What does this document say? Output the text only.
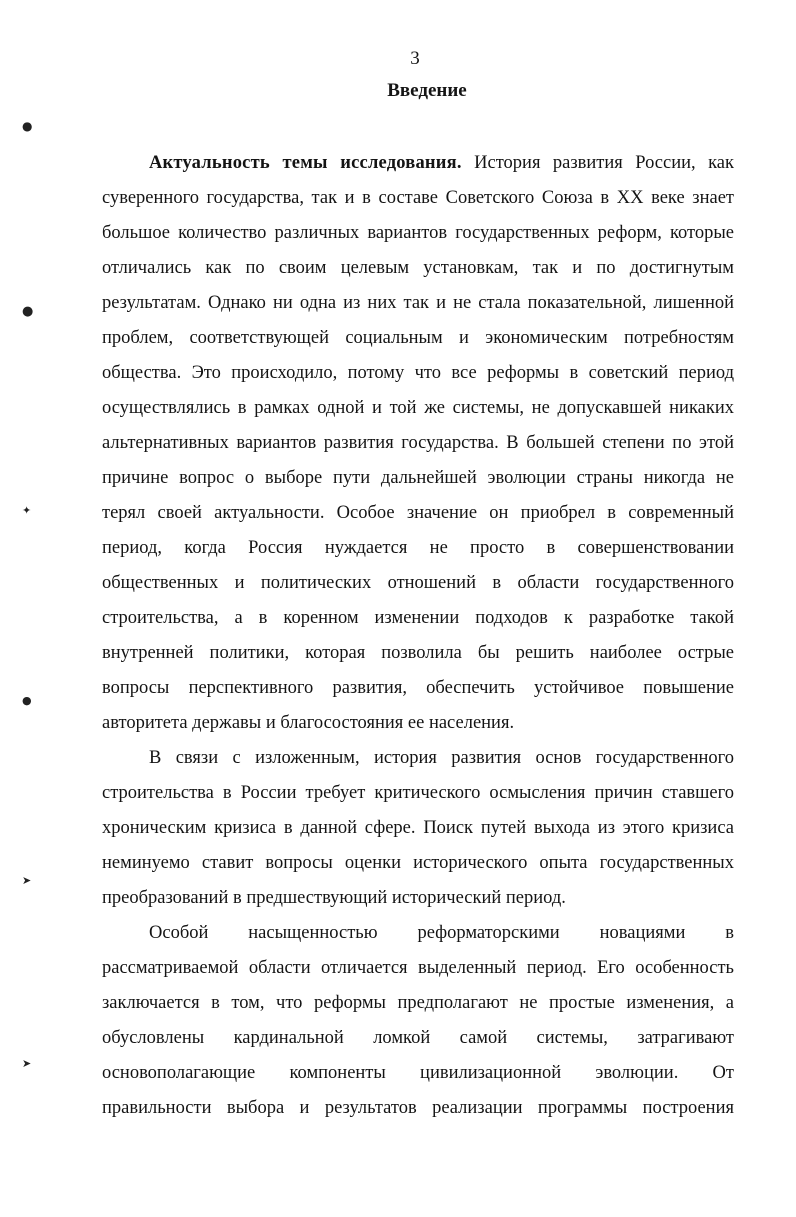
3
Введение
●
●
✦
●
➤
➤
Актуальность темы исследования. История развития России, как
суверенного государства, так и в составе Советского Союза в XX веке знает
большое количество различных вариантов государственных реформ, которые
отличались как по своим целевым установкам, так и по достигнутым
результатам. Однако ни одна из них так и не стала показательной, лишенной
проблем, соответствующей социальным и экономическим потребностям
общества. Это происходило, потому что все реформы в советский период
осуществлялись в рамках одной и той же системы, не допускавшей никаких
альтернативных вариантов развития государства. В большей степени по этой
причине вопрос о выборе пути дальнейшей эволюции страны никогда не
терял своей актуальности. Особое значение он приобрел в современный
период, когда Россия нуждается не просто в совершенствовании
общественных и политических отношений в области государственного
строительства, а в коренном изменении подходов к разработке такой
внутренней политики, которая позволила бы решить наиболее острые
вопросы перспективного развития, обеспечить устойчивое повышение
авторитета державы и благосостояния ее населения.
В связи с изложенным, история развития основ государственного
строительства в России требует критического осмысления причин ставшего
хроническим кризиса в данной сфере. Поиск путей выхода из этого кризиса
неминуемо ставит вопросы оценки исторического опыта государственных
преобразований в предшествующий исторический период.
Особой насыщенностью реформаторскими новациями в
рассматриваемой области отличается выделенный период. Его особенность
заключается в том, что реформы предполагают не простые изменения, а
обусловлены кардинальной ломкой самой системы, затрагивают
основополагающие компоненты цивилизационной эволюции. От
правильности выбора и результатов реализации программы построения
